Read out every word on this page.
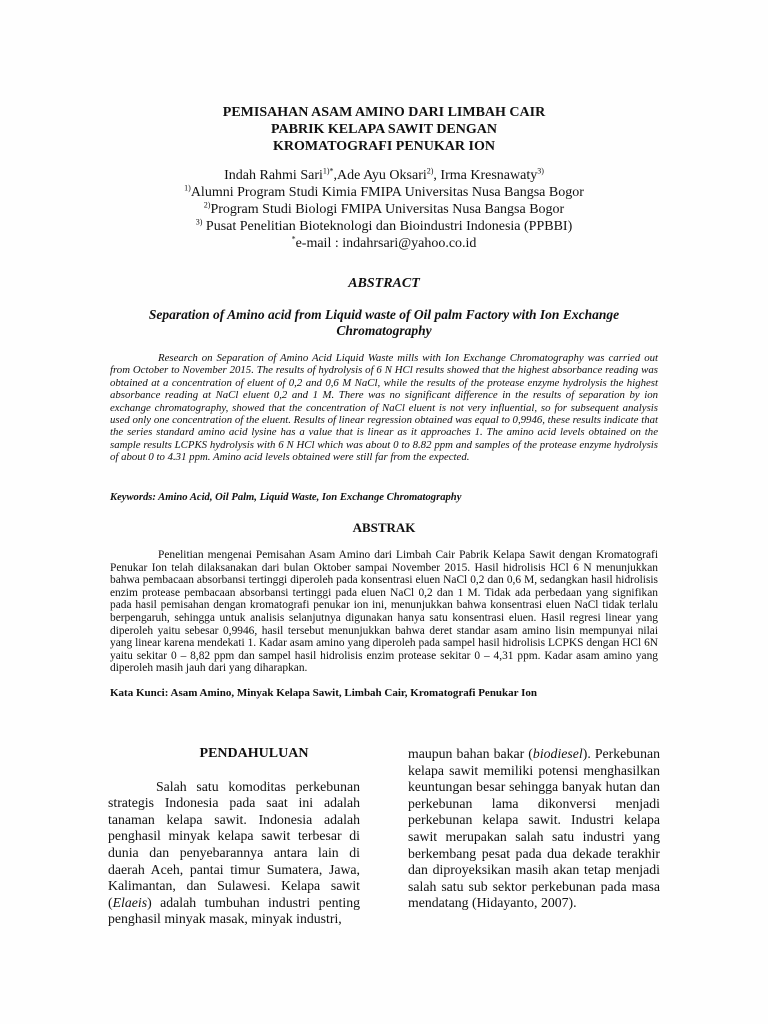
PEMISAHAN ASAM AMINO DARI LIMBAH CAIR
PABRIK KELAPA SAWIT DENGAN
KROMATOGRAFI PENUKAR ION
Indah Rahmi Sari$^{1)*}$,Ade Ayu Oksari$^{2)}$, Irma Kresnawaty$^{3)}$
$^{1)}$Alumni Program Studi Kimia FMIPA Universitas Nusa Bangsa Bogor
$^{2)}$Program Studi Biologi FMIPA Universitas Nusa Bangsa Bogor
$^{3)}$ Pusat Penelitian Bioteknologi dan Bioindustri Indonesia (PPBBI)
*e-mail : indahrsari@yahoo.co.id
ABSTRACT
Separation of Amino acid from Liquid waste of Oil palm Factory with Ion Exchange Chromatography
Research on Separation of Amino Acid Liquid Waste mills with Ion Exchange Chromatography was carried out from October to November 2015. The results of hydrolysis of 6 N HCl results showed that the highest absorbance reading was obtained at a concentration of eluent of 0,2 and 0,6 M NaCl, while the results of the protease enzyme hydrolysis the highest absorbance reading at NaCl eluent 0,2 and 1 M. There was no significant difference in the results of separation by ion exchange chromatography, showed that the concentration of NaCl eluent is not very influential, so for subsequent analysis used only one concentration of the eluent. Results of linear regression obtained was equal to 0,9946, these results indicate that the series standard amino acid lysine has a value that is linear as it approaches 1. The amino acid levels obtained on the sample results LCPKS hydrolysis with 6 N HCl which was about 0 to 8.82 ppm and samples of the protease enzyme hydrolysis of about 0 to 4.31 ppm. Amino acid levels obtained were still far from the expected.
Keywords: Amino Acid, Oil Palm, Liquid Waste, Ion Exchange Chromatography
ABSTRAK
Penelitian mengenai Pemisahan Asam Amino dari Limbah Cair Pabrik Kelapa Sawit dengan Kromatografi Penukar Ion telah dilaksanakan dari bulan Oktober sampai November 2015. Hasil hidrolisis HCl 6 N menunjukkan bahwa pembacaan absorbansi tertinggi diperoleh pada konsentrasi eluen NaCl 0,2 dan 0,6 M, sedangkan hasil hidrolisis enzim protease pembacaan absorbansi tertinggi pada eluen NaCl 0,2 dan 1 M. Tidak ada perbedaan yang signifikan pada hasil pemisahan dengan kromatografi penukar ion ini, menunjukkan bahwa konsentrasi eluen NaCl tidak terlalu berpengaruh, sehingga untuk analisis selanjutnya digunakan hanya satu konsentrasi eluen. Hasil regresi linear yang diperoleh yaitu sebesar 0,9946, hasil tersebut menunjukkan bahwa deret standar asam amino lisin mempunyai nilai yang linear karena mendekati 1. Kadar asam amino yang diperoleh pada sampel hasil hidrolisis LCPKS dengan HCl 6N yaitu sekitar 0 – 8,82 ppm dan sampel hasil hidrolisis enzim protease sekitar 0 – 4,31 ppm. Kadar asam amino yang diperoleh masih jauh dari yang diharapkan.
Kata Kunci: Asam Amino, Minyak Kelapa Sawit, Limbah Cair, Kromatografi Penukar Ion
PENDAHULUAN

Salah satu komoditas perkebunan strategis Indonesia pada saat ini adalah tanaman kelapa sawit. Indonesia adalah penghasil minyak kelapa sawit terbesar di dunia dan penyebarannya antara lain di daerah Aceh, pantai timur Sumatera, Jawa, Kalimantan, dan Sulawesi. Kelapa sawit (Elaeis) adalah tumbuhan industri penting penghasil minyak masak, minyak industri,

maupun bahan bakar (biodiesel). Perkebunan kelapa sawit memiliki potensi menghasilkan keuntungan besar sehingga banyak hutan dan perkebunan lama dikonversi menjadi perkebunan kelapa sawit. Industri kelapa sawit merupakan salah satu industri yang berkembang pesat pada dua dekade terakhir dan diproyeksikan masih akan tetap menjadi salah satu sub sektor perkebunan pada masa mendatang (Hidayanto, 2007).
